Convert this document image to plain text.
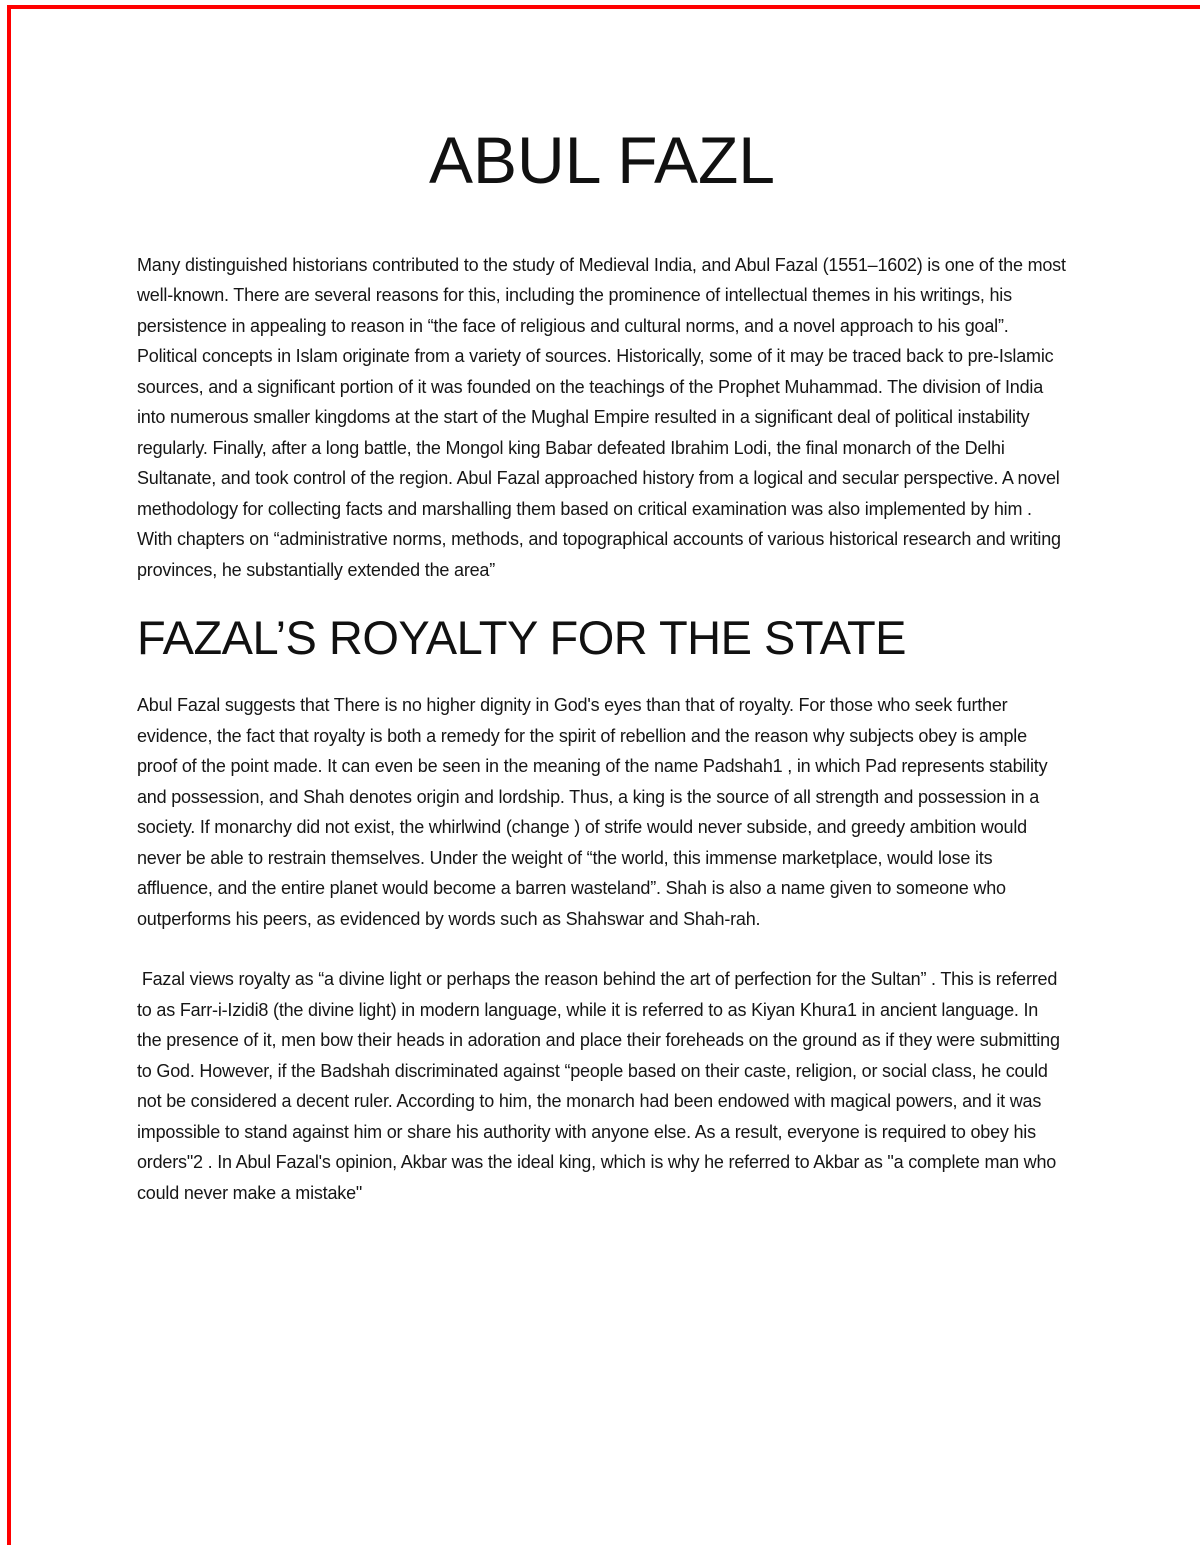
ABUL FAZL

Many distinguished historians contributed to the study of Medieval India, and Abul Fazal (1551–1602) is one of the most well-known. There are several reasons for this, including the prominence of intellectual themes in his writings, his persistence in appealing to reason in “the face of religious and cultural norms, and a novel approach to his goal”. Political concepts in Islam originate from a variety of sources. Historically, some of it may be traced back to pre-Islamic sources, and a significant portion of it was founded on the teachings of the Prophet Muhammad. The division of India into numerous smaller kingdoms at the start of the Mughal Empire resulted in a significant deal of political instability regularly. Finally, after a long battle, the Mongol king Babar defeated Ibrahim Lodi, the final monarch of the Delhi Sultanate, and took control of the region. Abul Fazal approached history from a logical and secular perspective. A novel methodology for collecting facts and marshalling them based on critical examination was also implemented by him . With chapters on “administrative norms, methods, and topographical accounts of various historical research and writing provinces, he substantially extended the area”

FAZAL’S ROYALTY FOR THE STATE

Abul Fazal suggests that There is no higher dignity in God's eyes than that of royalty. For those who seek further evidence, the fact that royalty is both a remedy for the spirit of rebellion and the reason why subjects obey is ample proof of the point made. It can even be seen in the meaning of the name Padshah1 , in which Pad represents stability and possession, and Shah denotes origin and lordship. Thus, a king is the source of all strength and possession in a society. If monarchy did not exist, the whirlwind (change ) of strife would never subside, and greedy ambition would never be able to restrain themselves. Under the weight of “the world, this immense marketplace, would lose its affluence, and the entire planet would become a barren wasteland”. Shah is also a name given to someone who outperforms his peers, as evidenced by words such as Shahswar and Shah-rah.

Fazal views royalty as “a divine light or perhaps the reason behind the art of perfection for the Sultan” . This is referred to as Farr-i-Izidi8 (the divine light) in modern language, while it is referred to as Kiyan Khura1 in ancient language. In the presence of it, men bow their heads in adoration and place their foreheads on the ground as if they were submitting to God. However, if the Badshah discriminated against “people based on their caste, religion, or social class, he could not be considered a decent ruler. According to him, the monarch had been endowed with magical powers, and it was impossible to stand against him or share his authority with anyone else. As a result, everyone is required to obey his orders"2 . In Abul Fazal's opinion, Akbar was the ideal king, which is why he referred to Akbar as "a complete man who could never make a mistake"
